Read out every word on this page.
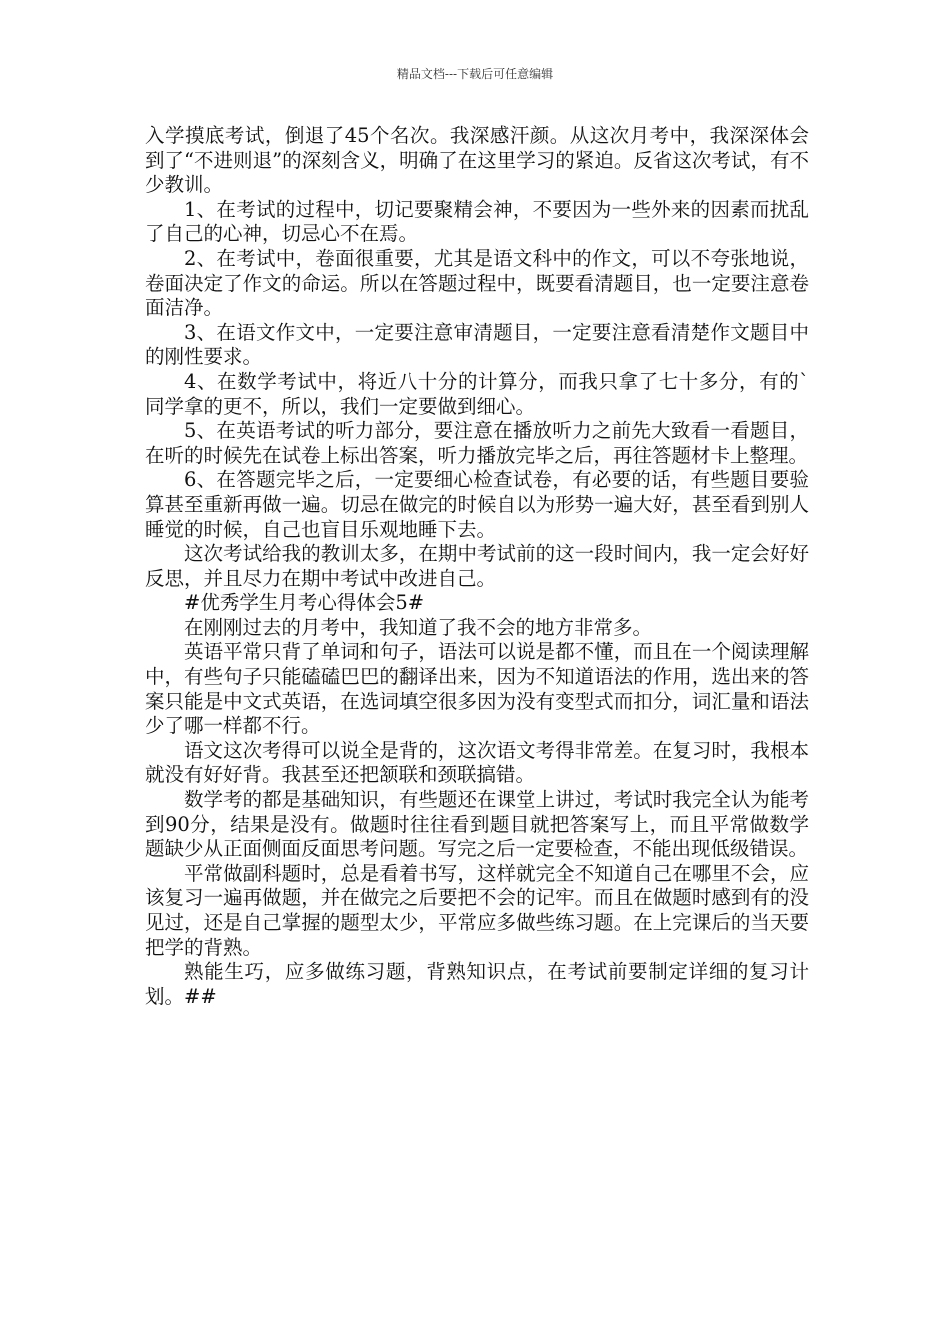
精品文档---下载后可任意编辑

入学摸底考试，倒退了45个名次。我深感汗颜。从这次月考中，我深深体会到了“不进则退”的深刻含义，明确了在这里学习的紧迫。反省这次考试，有不少教训。

1、在考试的过程中，切记要聚精会神，不要因为一些外来的因素而扰乱了自己的心神，切忌心不在焉。

2、在考试中，卷面很重要，尤其是语文科中的作文，可以不夸张地说，卷面决定了作文的命运。所以在答题过程中，既要看清题目，也一定要注意卷面洁净。

3、在语文作文中，一定要注意审清题目，一定要注意看清楚作文题目中的刚性要求。

4、在数学考试中，将近八十分的计算分，而我只拿了七十多分，有的`同学拿的更不，所以，我们一定要做到细心。

5、在英语考试的听力部分，要注意在播放听力之前先大致看一看题目，在听的时候先在试卷上标出答案，听力播放完毕之后，再往答题材卡上整理。

6、在答题完毕之后，一定要细心检查试卷，有必要的话，有些题目要验算甚至重新再做一遍。切忌在做完的时候自以为形势一遍大好，甚至看到别人睡觉的时候，自己也盲目乐观地睡下去。

这次考试给我的教训太多，在期中考试前的这一段时间内，我一定会好好反思，并且尽力在期中考试中改进自己。

#优秀学生月考心得体会5#

在刚刚过去的月考中，我知道了我不会的地方非常多。

英语平常只背了单词和句子，语法可以说是都不懂，而且在一个阅读理解中，有些句子只能磕磕巴巴的翻译出来，因为不知道语法的作用，选出来的答案只能是中文式英语，在选词填空很多因为没有变型式而扣分，词汇量和语法少了哪一样都不行。

语文这次考得可以说全是背的，这次语文考得非常差。在复习时，我根本就没有好好背。我甚至还把颔联和颈联搞错。

数学考的都是基础知识，有些题还在课堂上讲过，考试时我完全认为能考到90分，结果是没有。做题时往往看到题目就把答案写上，而且平常做数学题缺少从正面侧面反面思考问题。写完之后一定要检查，不能出现低级错误。

平常做副科题时，总是看着书写，这样就完全不知道自己在哪里不会，应该复习一遍再做题，并在做完之后要把不会的记牢。而且在做题时感到有的没见过，还是自己掌握的题型太少，平常应多做些练习题。在上完课后的当天要把学的背熟。

熟能生巧，应多做练习题，背熟知识点，在考试前要制定详细的复习计划。##
